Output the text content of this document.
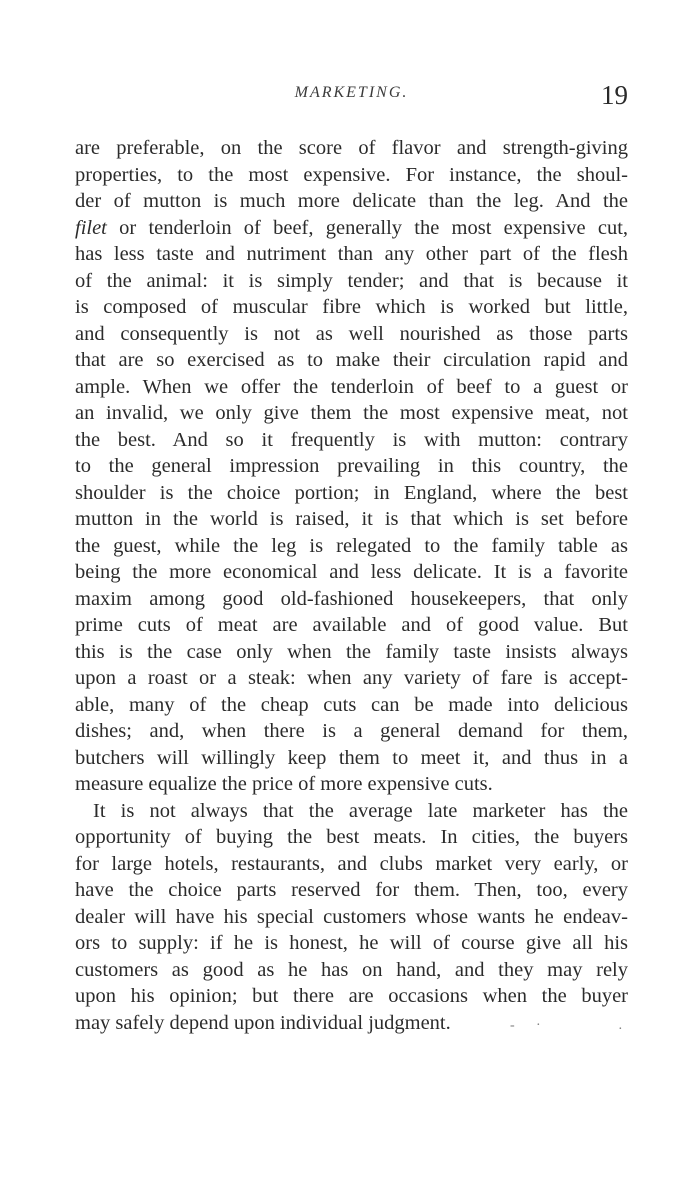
MARKETING.	19
are preferable, on the score of flavor and strength-giving
properties, to the most expensive. For instance, the shoul-
der of mutton is much more delicate than the leg. And the
filet or tenderloin of beef, generally the most expensive cut,
has less taste and nutriment than any other part of the flesh
of the animal: it is simply tender; and that is because it
is composed of muscular fibre which is worked but little,
and consequently is not as well nourished as those parts
that are so exercised as to make their circulation rapid and
ample. When we offer the tenderloin of beef to a guest or
an invalid, we only give them the most expensive meat, not
the best. And so it frequently is with mutton: contrary
to the general impression prevailing in this country, the
shoulder is the choice portion; in England, where the best
mutton in the world is raised, it is that which is set before
the guest, while the leg is relegated to the family table as
being the more economical and less delicate. It is a favorite
maxim among good old-fashioned housekeepers, that only
prime cuts of meat are available and of good value. But
this is the case only when the family taste insists always
upon a roast or a steak: when any variety of fare is accept-
able, many of the cheap cuts can be made into delicious
dishes; and, when there is a general demand for them,
butchers will willingly keep them to meet it, and thus in a
measure equalize the price of more expensive cuts.
It is not always that the average late marketer has the
opportunity of buying the best meats. In cities, the buyers
for large hotels, restaurants, and clubs market very early, or
have the choice parts reserved for them. Then, too, every
dealer will have his special customers whose wants he endeav-
ors to supply: if he is honest, he will of course give all his
customers as good as he has on hand, and they may rely
upon his opinion; but there are occasions when the buyer
may safely depend upon individual judgment.	- ·	·
